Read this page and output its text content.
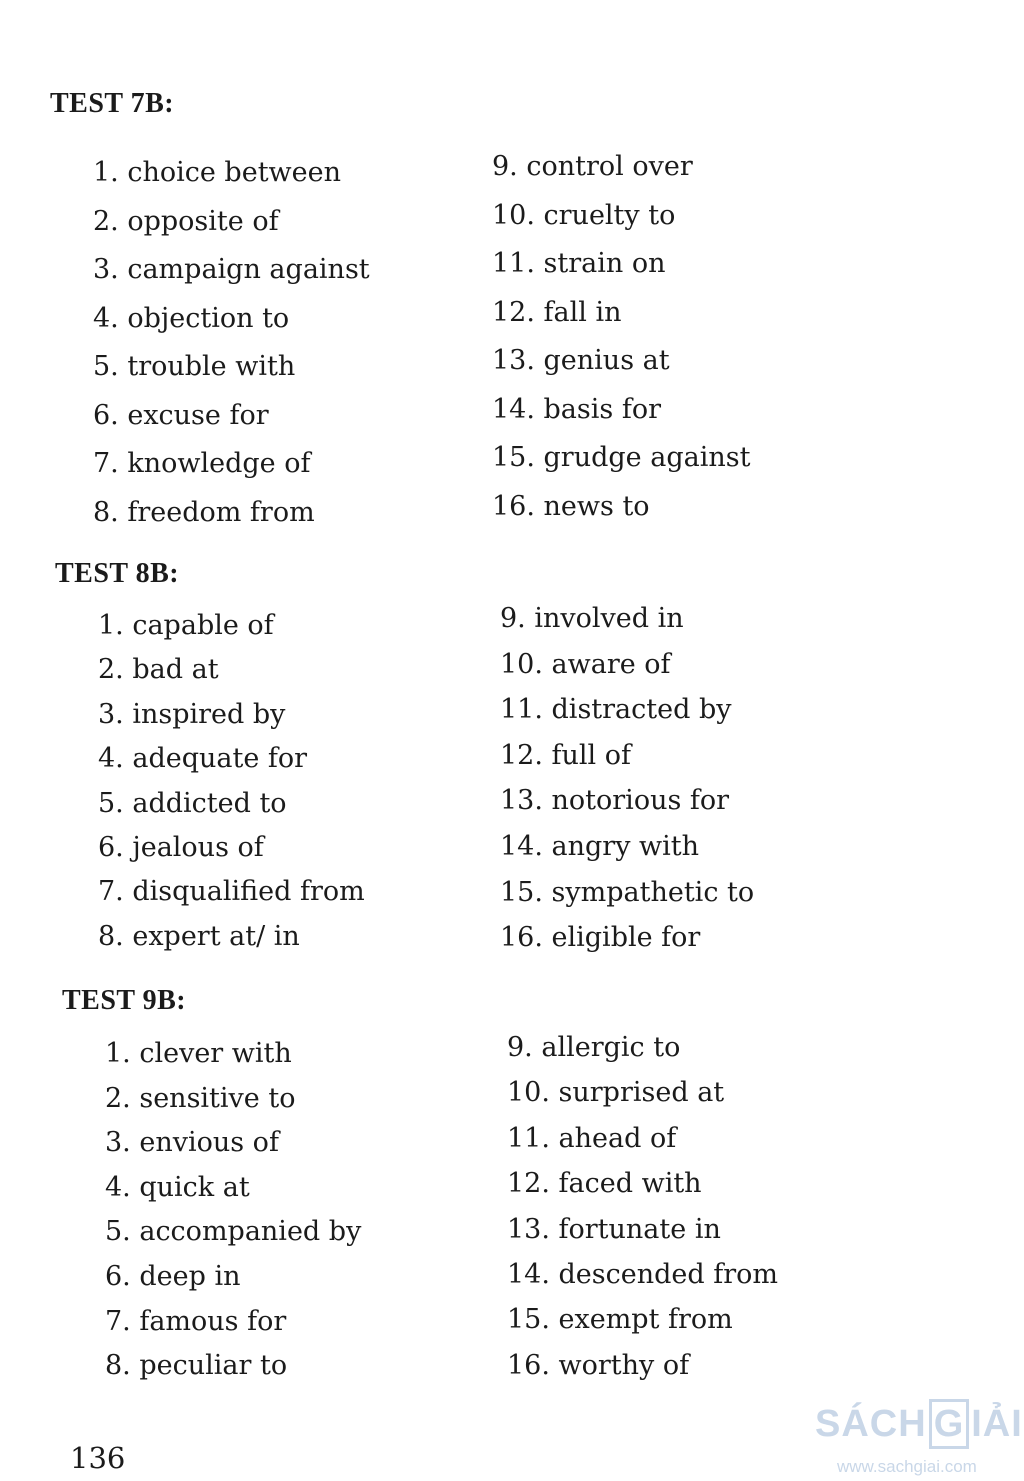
TEST 7B:
1. choice between
2. opposite of
3. campaign against
4. objection to
5. trouble with
6. excuse for
7. knowledge of
8. freedom from
9. control over
10. cruelty to
11. strain on
12. fall in
13. genius at
14. basis for
15. grudge against
16. news to
TEST 8B:
1. capable of
2. bad at
3. inspired by
4. adequate for
5. addicted to
6. jealous of
7. disqualified from
8. expert at/ in
9. involved in
10. aware of
11. distracted by
12. full of
13. notorious for
14. angry with
15. sympathetic to
16. eligible for
TEST 9B:
1. clever with
2. sensitive to
3. envious of
4. quick at
5. accompanied by
6. deep in
7. famous for
8. peculiar to
9. allergic to
10. surprised at
11. ahead of
12. faced with
13. fortunate in
14. descended from
15. exempt from
16. worthy of
136
SÁCH G IẢI
www.sachgiai.com
